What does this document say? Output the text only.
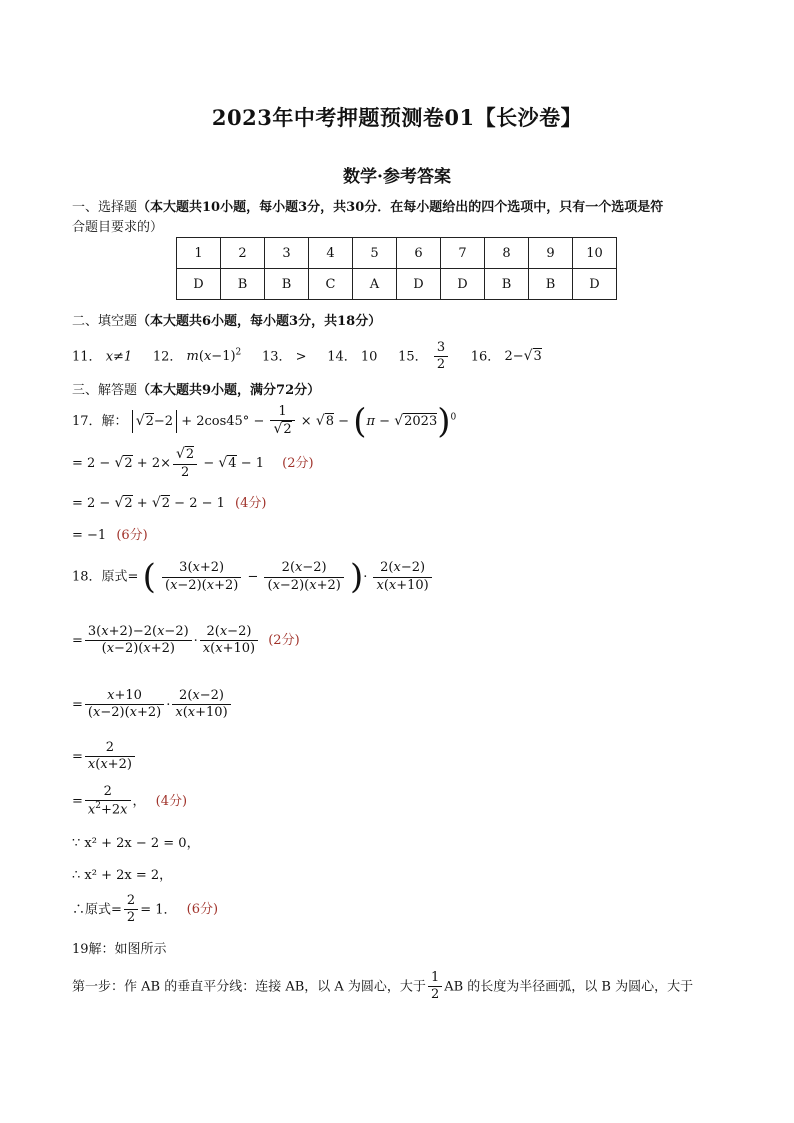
2023年中考押题预测卷01【长沙卷】
数学·参考答案
一、选择题（本大题共10小题，每小题3分，共30分．在每小题给出的四个选项中，只有一个选项是符
合题目要求的）
1	2	3	4	5	6	7	8	9	10
D	B	B	C	A	D	D	B	B	D
二、填空题（本大题共6小题，每小题3分，共18分）
11． x≠1 12． $m(x-1)^2$ 13． > 14． 10 15． $\frac{3}{2} 16$． 2−√3
三、解答题（本大题共9小题，满分72分）
17．解： $√2-2 + 2\cos 45^\circ - \frac{1}{√2} \times √8 - (\pi - √2023)^0$
= $2 - √2 + 2\times \frac{√2}{2} - √4 - 1$ (2分)
= 2 − √2 + √2 − 2 − 1 (4分)
= −1 (6分)
18．原式= ( $\frac{3(x+2)}{(x-2)(x+2)} - \frac{2(x-2)}{(x-2)(x+2)}$ )· $\frac{2(x-2)}{x(x+10)}$
= $\frac{3(x+2)-2(x-2)}{(x-2)(x+2)} \cdot \frac{2(x-2)}{x(x+10)} (2$分)
= $\frac{x+10}{(x-2)(x+2)} \cdot \frac{2(x-2)}{x(x+10)}$
= $\frac{2}{x(x+2)}$
= $\frac{2}{x^2+2x}$ ， (4分)
∵ x² + 2x − 2 = 0，
∴ x² + 2x = 2，
∴原式= $\frac{2}{2} = 1$． (6分)
19解：如图所示
第一步：作 AB 的垂直平分线：连接 AB，以 A 为圆心，大于 $\frac{1}{2}$ AB 的长度为半径画弧，以 B 为圆心，大于
